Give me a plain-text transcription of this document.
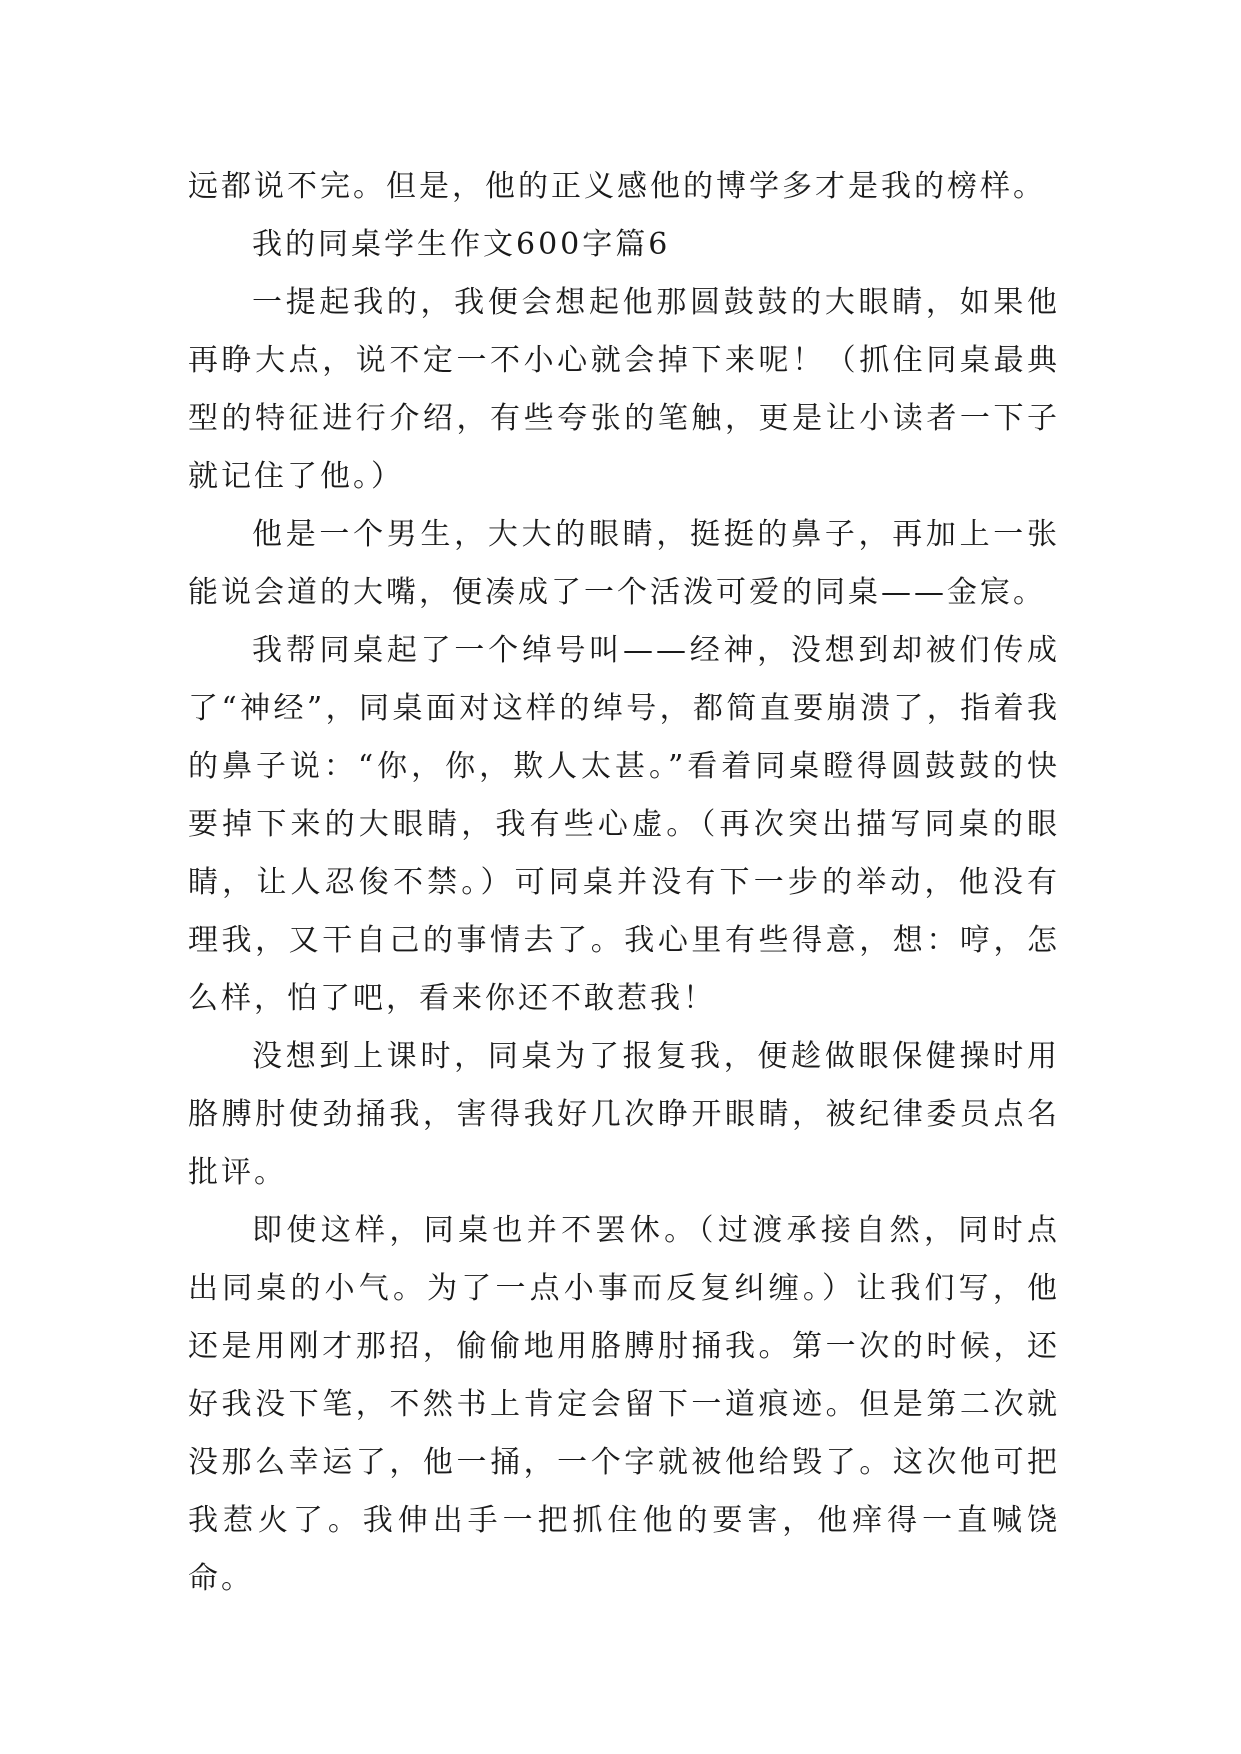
远都说不完。但是，他的正义感他的博学多才是我的榜样。

我的同桌学生作文600字篇6

一提起我的，我便会想起他那圆鼓鼓的大眼睛，如果他再睁大点，说不定一不小心就会掉下来呢！（抓住同桌最典型的特征进行介绍，有些夸张的笔触，更是让小读者一下子就记住了他。）

他是一个男生，大大的眼睛，挺挺的鼻子，再加上一张能说会道的大嘴，便凑成了一个活泼可爱的同桌——金宸。

我帮同桌起了一个绰号叫——经神，没想到却被们传成了“神经”，同桌面对这样的绰号，都简直要崩溃了，指着我的鼻子说：“你，你，欺人太甚。”看着同桌瞪得圆鼓鼓的快要掉下来的大眼睛，我有些心虚。（再次突出描写同桌的眼睛，让人忍俊不禁。）可同桌并没有下一步的举动，他没有理我，又干自己的事情去了。我心里有些得意，想：哼，怎么样，怕了吧，看来你还不敢惹我！

没想到上课时，同桌为了报复我，便趁做眼保健操时用胳膊肘使劲捅我，害得我好几次睁开眼睛，被纪律委员点名批评。

即使这样，同桌也并不罢休。（过渡承接自然，同时点出同桌的小气。为了一点小事而反复纠缠。）让我们写，他还是用刚才那招，偷偷地用胳膊肘捅我。第一次的时候，还好我没下笔，不然书上肯定会留下一道痕迹。但是第二次就没那么幸运了，他一捅，一个字就被他给毁了。这次他可把我惹火了。我伸出手一把抓住他的要害，他痒得一直喊饶命。
